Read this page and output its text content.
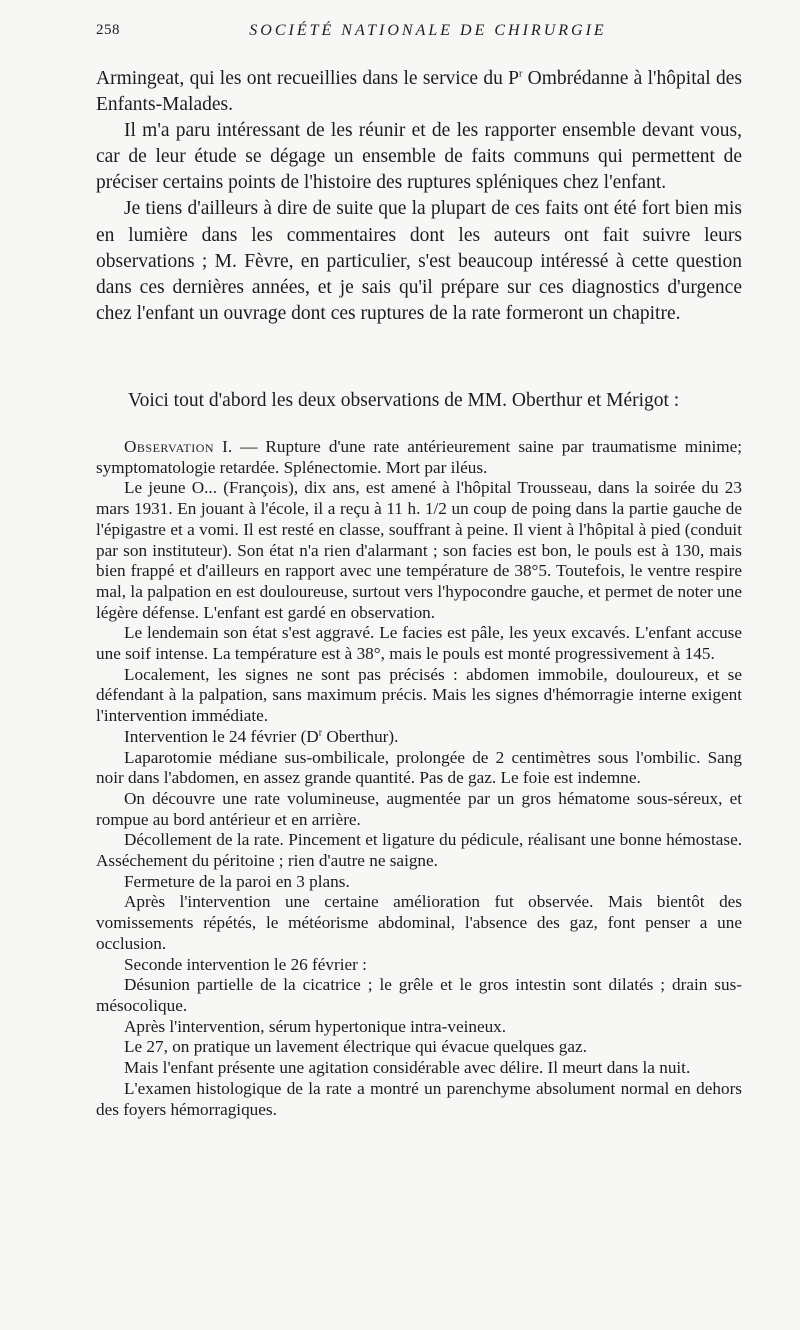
258	SOCIÉTÉ NATIONALE DE CHIRURGIE

Armingeat, qui les ont recueillies dans le service du $P^r$ Ombrédanne à l'hôpital des Enfants-Malades.

Il m'a paru intéressant de les réunir et de les rapporter ensemble devant vous, car de leur étude se dégage un ensemble de faits communs qui permettent de préciser certains points de l'histoire des ruptures spléniques chez l'enfant.

Je tiens d'ailleurs à dire de suite que la plupart de ces faits ont été fort bien mis en lumière dans les commentaires dont les auteurs ont fait suivre leurs observations ; M. Fèvre, en particulier, s'est beaucoup intéressé à cette question dans ces dernières années, et je sais qu'il prépare sur ces diagnostics d'urgence chez l'enfant un ouvrage dont ces ruptures de la rate formeront un chapitre.

Voici tout d'abord les deux observations de MM. Oberthur et Mérigot :

Observation I. — Rupture d'une rate antérieurement saine par traumatisme minime; symptomatologie retardée. Splénectomie. Mort par iléus.

Le jeune O... (François), dix ans, est amené à l'hôpital Trousseau, dans la soirée du 23 mars 1931. En jouant à l'école, il a reçu à 11 h. 1/2 un coup de poing dans la partie gauche de l'épigastre et a vomi. Il est resté en classe, souffrant à peine. Il vient à l'hôpital à pied (conduit par son instituteur). Son état n'a rien d'alarmant ; son facies est bon, le pouls est à 130, mais bien frappé et d'ailleurs en rapport avec une température de 38°5. Toutefois, le ventre respire mal, la palpation en est douloureuse, surtout vers l'hypocondre gauche, et permet de noter une légère défense. L'enfant est gardé en observation.

Le lendemain son état s'est aggravé. Le facies est pâle, les yeux excavés. L'enfant accuse une soif intense. La température est à 38°, mais le pouls est monté progressivement à 145.

Localement, les signes ne sont pas précisés : abdomen immobile, douloureux, et se défendant à la palpation, sans maximum précis. Mais les signes d'hémorragie interne exigent l'intervention immédiate.

Intervention le 24 février ($D^r$ Oberthur).

Laparotomie médiane sus-ombilicale, prolongée de 2 centimètres sous l'ombilic. Sang noir dans l'abdomen, en assez grande quantité. Pas de gaz. Le foie est indemne.

On découvre une rate volumineuse, augmentée par un gros hématome sous-séreux, et rompue au bord antérieur et en arrière.

Décollement de la rate. Pincement et ligature du pédicule, réalisant une bonne hémostase. Asséchement du péritoine ; rien d'autre ne saigne.

Fermeture de la paroi en 3 plans.

Après l'intervention une certaine amélioration fut observée. Mais bientôt des vomissements répétés, le météorisme abdominal, l'absence des gaz, font penser a une occlusion.

Seconde intervention le 26 février :

Désunion partielle de la cicatrice ; le grêle et le gros intestin sont dilatés ; drain sus-mésocolique.

Après l'intervention, sérum hypertonique intra-veineux.

Le 27, on pratique un lavement électrique qui évacue quelques gaz.

Mais l'enfant présente une agitation considérable avec délire. Il meurt dans la nuit.

L'examen histologique de la rate a montré un parenchyme absolument normal en dehors des foyers hémorragiques.
